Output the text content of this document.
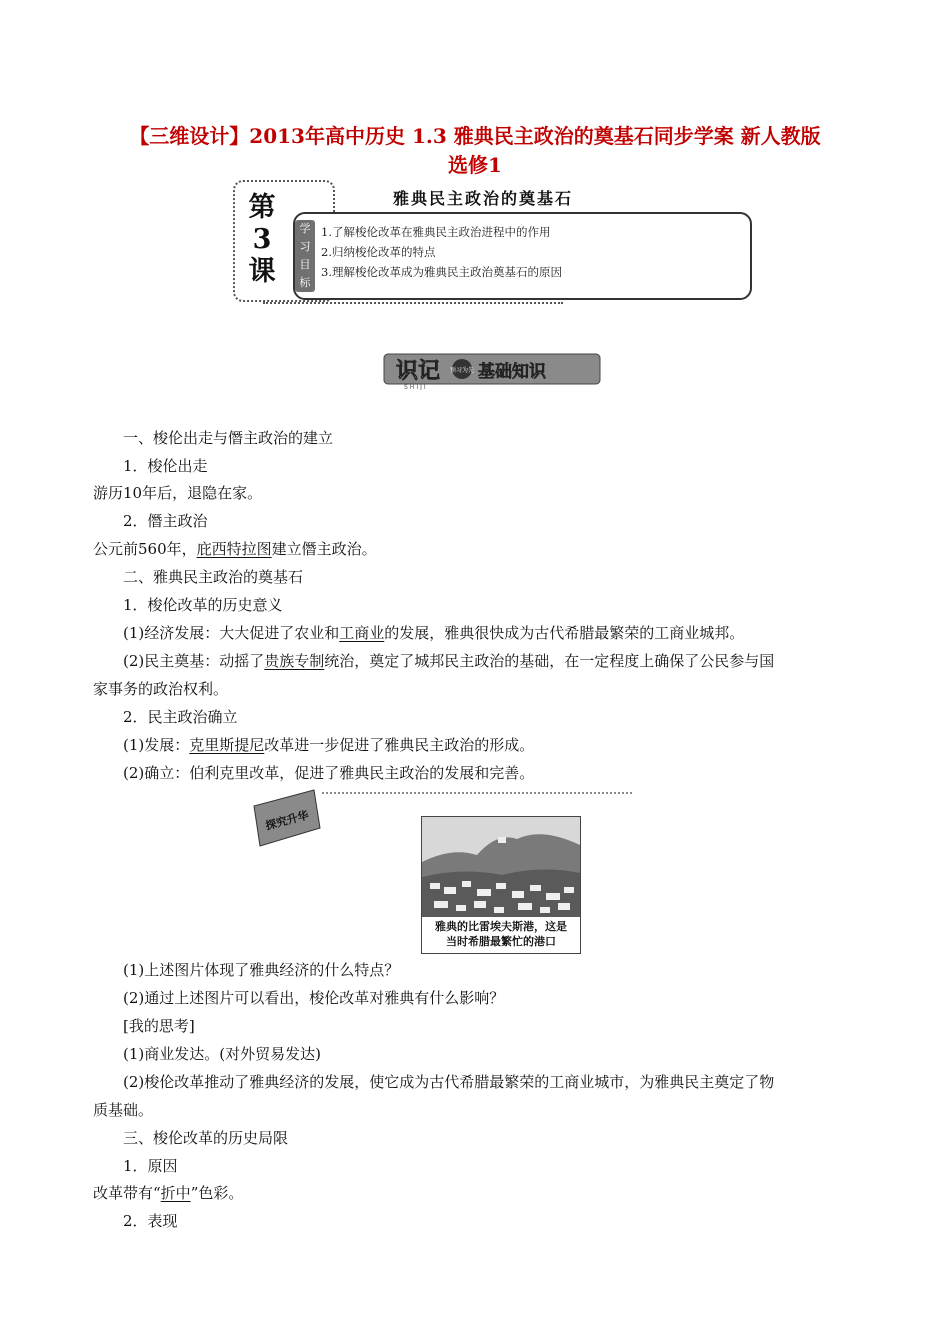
【三维设计】2013年高中历史 1.3 雅典民主政治的奠基石同步学案 新人教版
选修1
第
3
课
雅典民主政治的奠基石
学习目标
1.了解梭伦改革在雅典民主政治进程中的作用
2.归纳梭伦改革的特点
3.理解梭伦改革成为雅典民主政治奠基石的原因
识记
SHIJI
预习为先 基础知识
一、梭伦出走与僭主政治的建立
1．梭伦出走
游历10年后，退隐在家。
2．僭主政治
公元前560年，庇西特拉图建立僭主政治。
二、雅典民主政治的奠基石
1．梭伦改革的历史意义
(1)经济发展：大大促进了农业和工商业的发展，雅典很快成为古代希腊最繁荣的工商业城邦。
(2)民主奠基：动摇了贵族专制统治，奠定了城邦民主政治的基础，在一定程度上确保了公民参与国
家事务的政治权利。
2．民主政治确立
(1)发展：克里斯提尼改革进一步促进了雅典民主政治的形成。
(2)确立：伯利克里改革，促进了雅典民主政治的发展和完善。
探究升华
雅典的比雷埃夫斯港，这是
当时希腊最繁忙的港口
(1)上述图片体现了雅典经济的什么特点？
(2)通过上述图片可以看出，梭伦改革对雅典有什么影响？
[我的思考]
(1)商业发达。(对外贸易发达)
(2)梭伦改革推动了雅典经济的发展，使它成为古代希腊最繁荣的工商业城市，为雅典民主奠定了物
质基础。
三、梭伦改革的历史局限
1．原因
改革带有“折中”色彩。
2．表现
